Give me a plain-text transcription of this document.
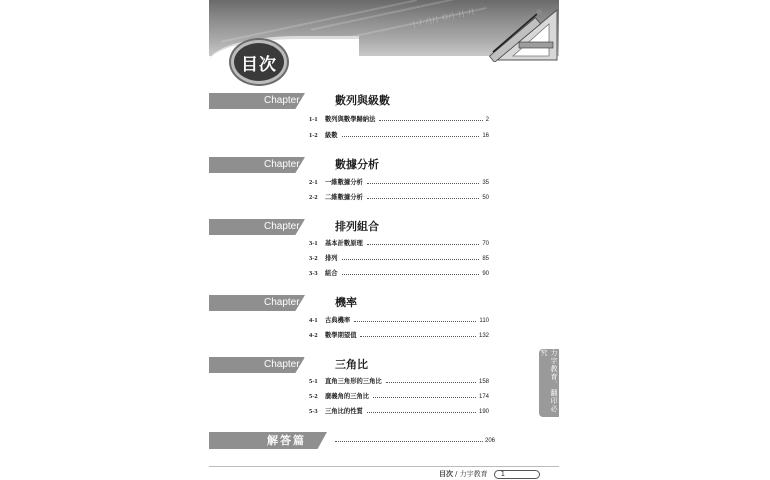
·|-/·/|/| O/|·/|·/|
目次
Chapter 1 數列與級數
1-1	數列與數學歸納法	2
1-2	級數	16
Chapter 2 數據分析
2-1	一維數據分析	35
2-2	二維數據分析	50
Chapter 3 排列組合
3-1	基本計數原理	70
3-2	排列	85
3-3	組合	90
Chapter 4 機率
4-1	古典機率	110
4-2	數學期望值	132
Chapter 5 三角比
5-1	直角三角形的三角比	158
5-2	廣義角的三角比	174
5-3	三角比的性質	190
解答篇	206
力宇教育．翻印必究
目次 / 力宇教育 1
